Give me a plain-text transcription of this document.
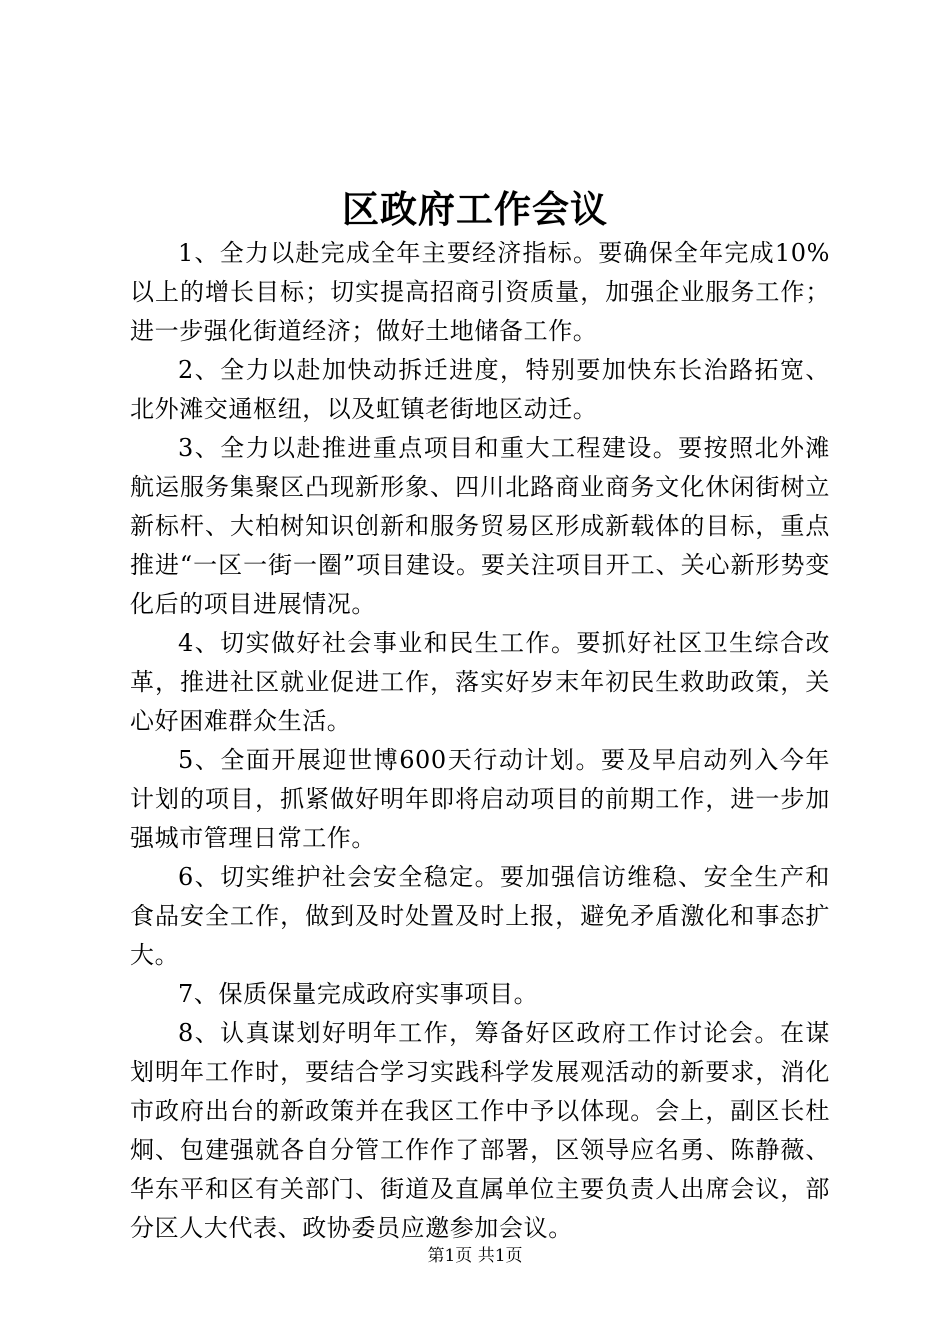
区政府工作会议

1、全力以赴完成全年主要经济指标。要确保全年完成10%以上的增长目标；切实提高招商引资质量，加强企业服务工作；进一步强化街道经济；做好土地储备工作。

2、全力以赴加快动拆迁进度，特别要加快东长治路拓宽、北外滩交通枢纽，以及虹镇老街地区动迁。

3、全力以赴推进重点项目和重大工程建设。要按照北外滩航运服务集聚区凸现新形象、四川北路商业商务文化休闲街树立新标杆、大柏树知识创新和服务贸易区形成新载体的目标，重点推进“一区一街一圈”项目建设。要关注项目开工、关心新形势变化后的项目进展情况。

4、切实做好社会事业和民生工作。要抓好社区卫生综合改革，推进社区就业促进工作，落实好岁末年初民生救助政策，关心好困难群众生活。

5、全面开展迎世博600天行动计划。要及早启动列入今年计划的项目，抓紧做好明年即将启动项目的前期工作，进一步加强城市管理日常工作。

6、切实维护社会安全稳定。要加强信访维稳、安全生产和食品安全工作，做到及时处置及时上报，避免矛盾激化和事态扩大。

7、保质保量完成政府实事项目。

8、认真谋划好明年工作，筹备好区政府工作讨论会。在谋划明年工作时，要结合学习实践科学发展观活动的新要求，消化市政府出台的新政策并在我区工作中予以体现。会上，副区长杜炯、包建强就各自分管工作作了部署，区领导应名勇、陈静薇、华东平和区有关部门、街道及直属单位主要负责人出席会议，部分区人大代表、政协委员应邀参加会议。

第1页 共1页
